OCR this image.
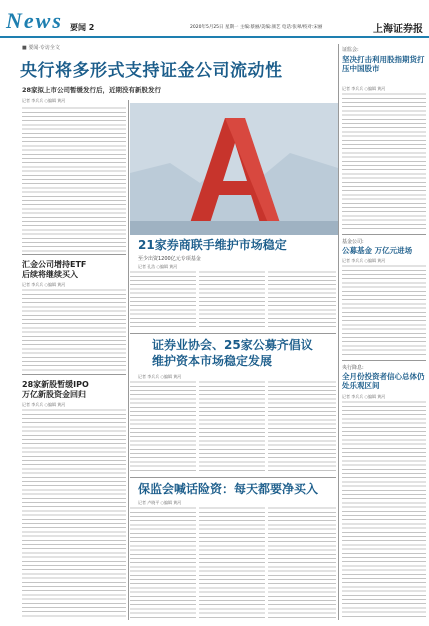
News 要闻 2	2020年5月25日 星期一 主编:蔡丽/美编:颜艺 电话:张翠/校对:宋丽	上海证券报
■ 要闻·专访全文
央行将多形式支持证金公司流动性
28家拟上市公司暂缓发行后，近期没有新股发行
记者 李兵兵 ○编辑 黄河
汇金公司增持ETF
后续将继续买入
记者 李兵兵 ○编辑 黄河
28家新股暂缓IPO
万亿新股资金回归
记者 李兵兵 ○编辑 黄河
21家券商联手维护市场稳定
至少出资1200亿元专项基金
记者 孔浩 ○编辑 黄河
证券业协会、25家公募齐倡议
维护资本市场稳定发展
记者 李兵兵 ○编辑 黄河
保监会喊话险资：每天都要净买入
记者 卢晓平 ○编辑 黄河
证监会:
坚决打击利用股指期货打压中国股市
记者 李兵兵 ○编辑 黄河
基金公司:
公募基金 万亿元进场
记者 李兵兵 ○编辑 黄河
央行降息:
全月份投资者信心总体仍处乐观区间
记者 李兵兵 ○编辑 黄河
